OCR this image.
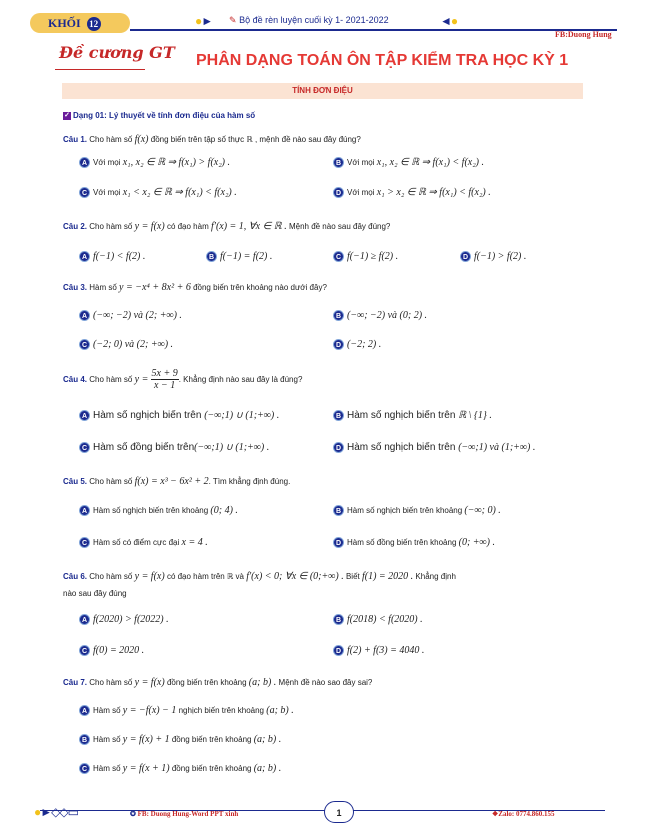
KHỐI 12	●► ✎ Bộ đề rèn luyện cuối kỳ 1- 2021-2022	◄●
FB:Duong Hung
Đề cương GT PHÂN DẠNG TOÁN ÔN TẬP KIỂM TRA HỌC KỲ 1
TÍNH ĐƠN ĐIỆU
✓ Dạng 01: Lý thuyết về tính đơn điệu của hàm số
Câu 1. Cho hàm số f(x) đồng biến trên tập số thực ℝ , mệnh đề nào sau đây đúng?
A Với mọi x₁, x₂ ∈ ℝ ⇒ f(x₁) > f(x₂) .	B Với mọi x₁, x₂ ∈ ℝ ⇒ f(x₁) < f(x₂) .
C Với mọi x₁ < x₂ ∈ ℝ ⇒ f(x₁) < f(x₂) .	D Với mọi x₁ > x₂ ∈ ℝ ⇒ f(x₁) < f(x₂) .
Câu 2. Cho hàm số y = f(x) có đạo hàm f′(x) = 1, ∀x ∈ ℝ . Mệnh đề nào sau đây đúng?
A f(−1) < f(2) .	B f(−1) = f(2) .	C f(−1) ≥ f(2) .	D f(−1) > f(2) .
Câu 3. Hàm số y = −x⁴ + 8x² + 6 đồng biến trên khoảng nào dưới đây?
A (−∞; −2) và (2; +∞) .	B (−∞; −2) và (0; 2) .
C (−2; 0) và (2; +∞) .	D (−2; 2) .
Câu 4. Cho hàm số $y = \frac{5x + 9}{x - 1}$ . Khẳng định nào sau đây là đúng?
A Hàm số nghịch biến trên (−∞;1) ∪ (1;+∞) .	B Hàm số nghịch biến trên ℝ \ {1} .
C Hàm số đồng biến trên(−∞;1) ∪ (1;+∞) .	D Hàm số nghịch biến trên (−∞;1) và (1;+∞) .
Câu 5. Cho hàm số f(x) = x³ − 6x² + 2. Tìm khẳng định đúng.
A Hàm số nghịch biến trên khoảng (0; 4) .	B Hàm số nghịch biến trên khoảng (−∞; 0) .
C Hàm số có điểm cực đại x = 4 .	D Hàm số đồng biến trên khoảng (0; +∞) .
Câu 6. Cho hàm số y = f(x) có đạo hàm trên ℝ và f′(x) < 0; ∀x ∈ (0;+∞) . Biết f(1) = 2020 . Khẳng định
nào sau đây đúng
A f(2020) > f(2022) .	B f(2018) < f(2020) .
C f(0) = 2020 .	D f(2) + f(3) = 4040 .
Câu 7. Cho hàm số y = f(x) đồng biến trên khoảng (a; b) . Mệnh đề nào sao đây sai?
A Hàm số y = −f(x) − 1 nghịch biến trên khoảng (a; b) .
B Hàm số y = f(x) + 1 đồng biến trên khoảng (a; b) .
C Hàm số y = f(x + 1) đồng biến trên khoảng (a; b) .
●►◇◇▭	✪ FB: Duong Hung-Word PPT xinh	1	❖Zalo: 0774.860.155
